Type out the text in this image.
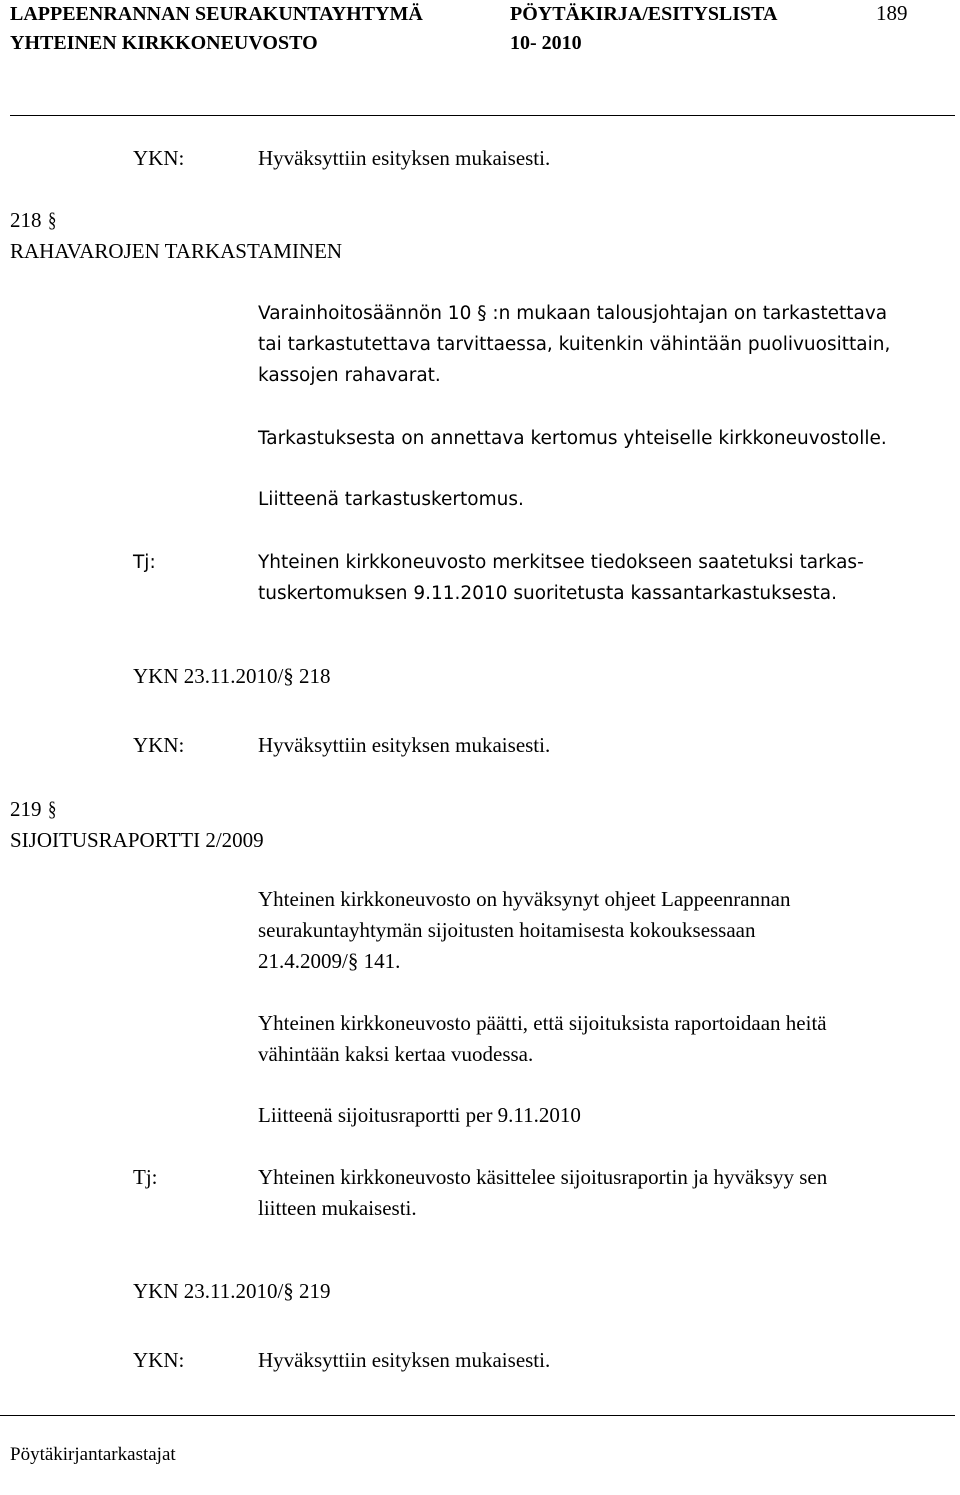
LAPPEENRANNAN SEURAKUNTAYHTYMÄ	PÖYTÄKIRJA/ESITYSLISTA	189
YHTEINEN KIRKKONEUVOSTO	10- 2010
YKN:	Hyväksyttiin esityksen mukaisesti.
218 §
RAHAVAROJEN TARKASTAMINEN
Varainhoitosäännön 10 § :n mukaan talousjohtajan on tarkastettava
tai tarkastutettava tarvittaessa, kuitenkin vähintään puolivuosittain,
kassojen rahavarat.
Tarkastuksesta on annettava kertomus yhteiselle kirkkoneuvostolle.
Liitteenä tarkastuskertomus.
Tj:	Yhteinen kirkkoneuvosto merkitsee tiedokseen saatetuksi tarkas-
tuskertomuksen 9.11.2010 suoritetusta kassantarkastuksesta.
YKN 23.11.2010/§ 218
YKN:	Hyväksyttiin esityksen mukaisesti.
219 §
SIJOITUSRAPORTTI 2/2009
Yhteinen kirkkoneuvosto on hyväksynyt ohjeet Lappeenrannan
seurakuntayhtymän sijoitusten hoitamisesta kokouksessaan
21.4.2009/§ 141.
Yhteinen kirkkoneuvosto päätti, että sijoituksista raportoidaan heitä
vähintään kaksi kertaa vuodessa.
Liitteenä sijoitusraportti per 9.11.2010
Tj:	Yhteinen kirkkoneuvosto käsittelee sijoitusraportin ja hyväksyy sen
liitteen mukaisesti.
YKN 23.11.2010/§ 219
YKN:	Hyväksyttiin esityksen mukaisesti.
Pöytäkirjantarkastajat
